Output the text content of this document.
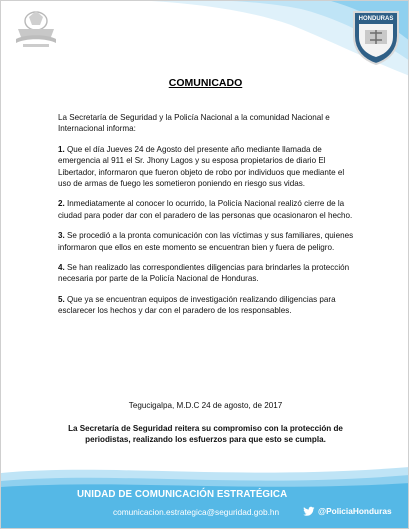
HONDURAS
COMUNICADO

La Secretaría de Seguridad y la Policía Nacional a la comunidad Nacional e Internacional informa:

1. Que el día Jueves 24 de Agosto del presente año mediante llamada de emergencia al 911 el Sr. Jhony Lagos y su esposa propietarios de diario El Libertador, informaron que fueron objeto de robo por individuos que mediante el uso de armas de fuego les sometieron poniendo en riesgo sus vidas.

2. Inmediatamente al conocer lo ocurrido, la Policía Nacional realizó cierre de la ciudad para poder dar con el paradero de las personas que ocasionaron el hecho.

3. Se procedió a la pronta comunicación con las víctimas y sus familiares, quienes informaron que ellos en este momento se encuentran bien y fuera de peligro.

4. Se han realizado las correspondientes diligencias para brindarles la protección necesaria por parte de la Policía Nacional de Honduras.

5. Que ya se encuentran equipos de investigación realizando diligencias para esclarecer los hechos y dar con el paradero de los responsables.

Tegucigalpa, M.D.C 24 de agosto, de 2017
La Secretaría de Seguridad reitera su compromiso con la protección de periodistas, realizando los esfuerzos para que esto se cumpla.
UNIDAD DE COMUNICACIÓN ESTRATÉGICA
comunicacion.estrategica@seguridad.gob.hn	@PoliciaHonduras
